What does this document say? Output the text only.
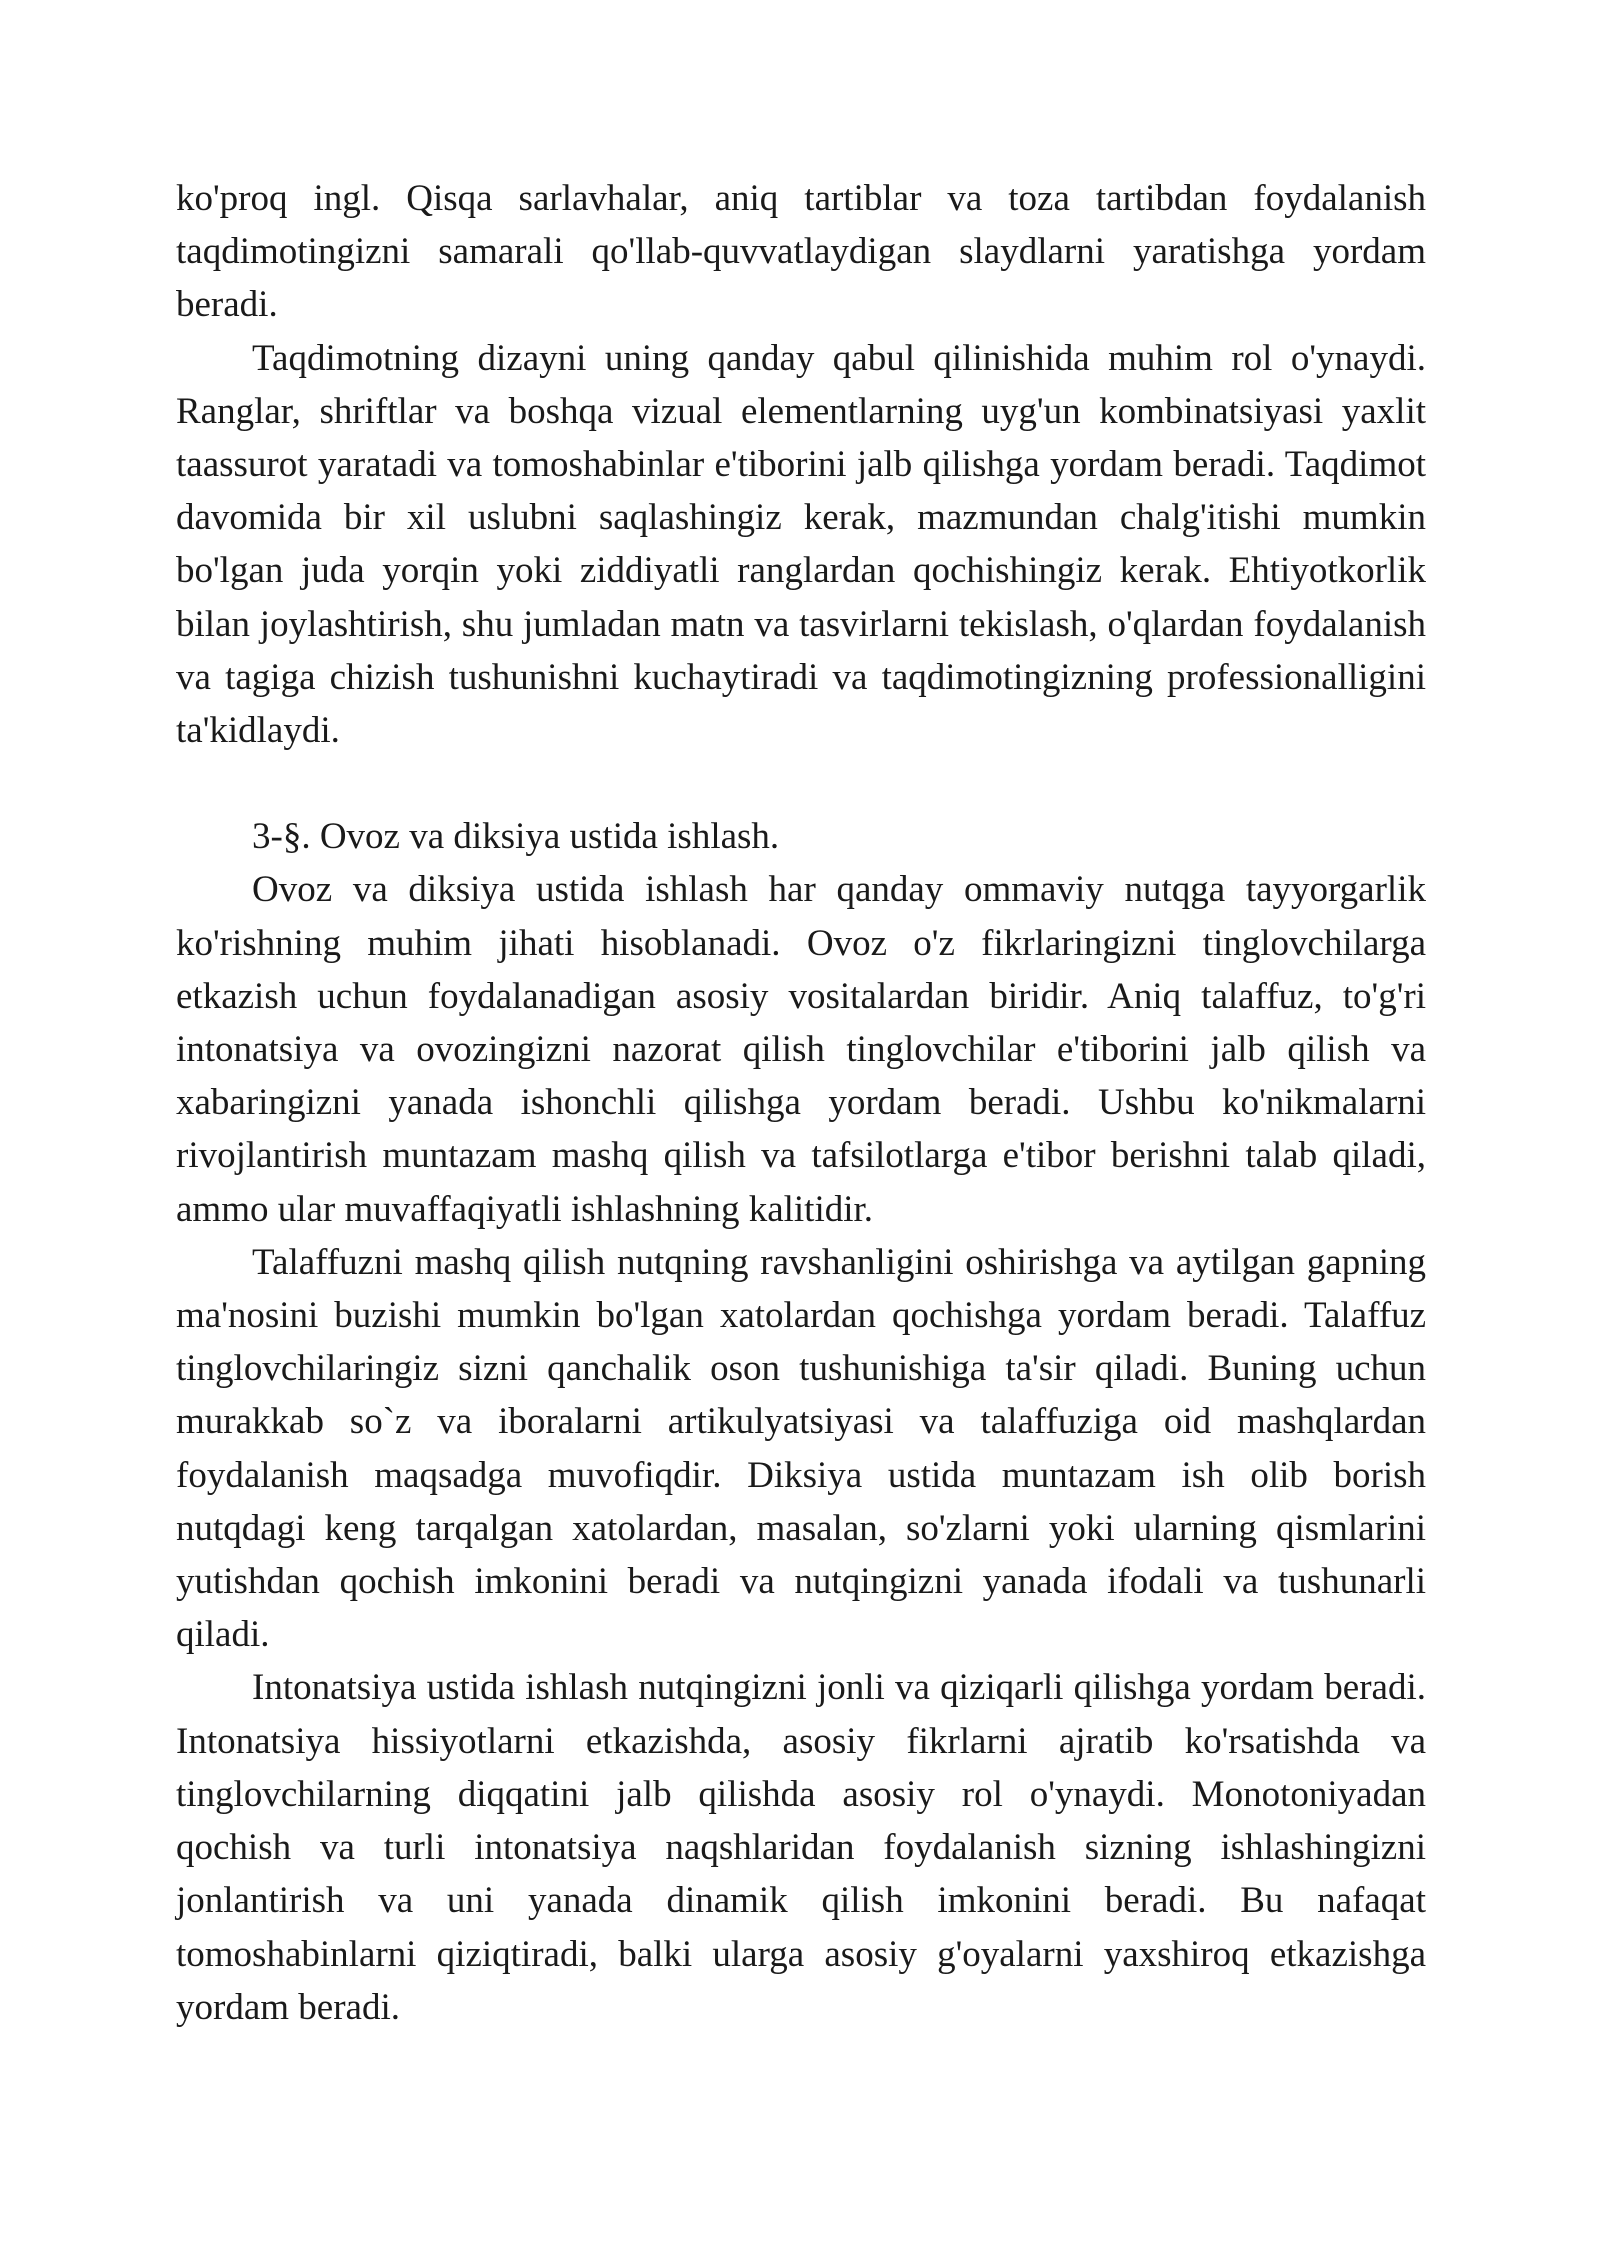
ko'proq ingl. Qisqa sarlavhalar, aniq tartiblar va toza tartibdan foydalanish taqdimotingizni samarali qo'llab-quvvatlaydigan slaydlarni yaratishga yordam beradi.

Taqdimotning dizayni uning qanday qabul qilinishida muhim rol o'ynaydi. Ranglar, shriftlar va boshqa vizual elementlarning uyg'un kombinatsiyasi yaxlit taassurot yaratadi va tomoshabinlar e'tiborini jalb qilishga yordam beradi. Taqdimot davomida bir xil uslubni saqlashingiz kerak, mazmundan chalg'itishi mumkin bo'lgan juda yorqin yoki ziddiyatli ranglardan qochishingiz kerak. Ehtiyotkorlik bilan joylashtirish, shu jumladan matn va tasvirlarni tekislash, o'qlardan foydalanish va tagiga chizish tushunishni kuchaytiradi va taqdimotingizning professionalligini ta'kidlaydi.

3-§. Ovoz va diksiya ustida ishlash.

Ovoz va diksiya ustida ishlash har qanday ommaviy nutqga tayyorgarlik ko'rishning muhim jihati hisoblanadi. Ovoz o'z fikrlaringizni tinglovchilarga etkazish uchun foydalanadigan asosiy vositalardan biridir. Aniq talaffuz, to'g'ri intonatsiya va ovozingizni nazorat qilish tinglovchilar e'tiborini jalb qilish va xabaringizni yanada ishonchli qilishga yordam beradi. Ushbu ko'nikmalarni rivojlantirish muntazam mashq qilish va tafsilotlarga e'tibor berishni talab qiladi, ammo ular muvaffaqiyatli ishlashning kalitidir.

Talaffuzni mashq qilish nutqning ravshanligini oshirishga va aytilgan gapning ma'nosini buzishi mumkin bo'lgan xatolardan qochishga yordam beradi. Talaffuz tinglovchilaringiz sizni qanchalik oson tushunishiga ta'sir qiladi. Buning uchun murakkab so`z va iboralarni artikulyatsiyasi va talaffuziga oid mashqlardan foydalanish maqsadga muvofiqdir. Diksiya ustida muntazam ish olib borish nutqdagi keng tarqalgan xatolardan, masalan, so'zlarni yoki ularning qismlarini yutishdan qochish imkonini beradi va nutqingizni yanada ifodali va tushunarli qiladi.

Intonatsiya ustida ishlash nutqingizni jonli va qiziqarli qilishga yordam beradi. Intonatsiya hissiyotlarni etkazishda, asosiy fikrlarni ajratib ko'rsatishda va tinglovchilarning diqqatini jalb qilishda asosiy rol o'ynaydi. Monotoniyadan qochish va turli intonatsiya naqshlaridan foydalanish sizning ishlashingizni jonlantirish va uni yanada dinamik qilish imkonini beradi. Bu nafaqat tomoshabinlarni qiziqtiradi, balki ularga asosiy g'oyalarni yaxshiroq etkazishga yordam beradi.
